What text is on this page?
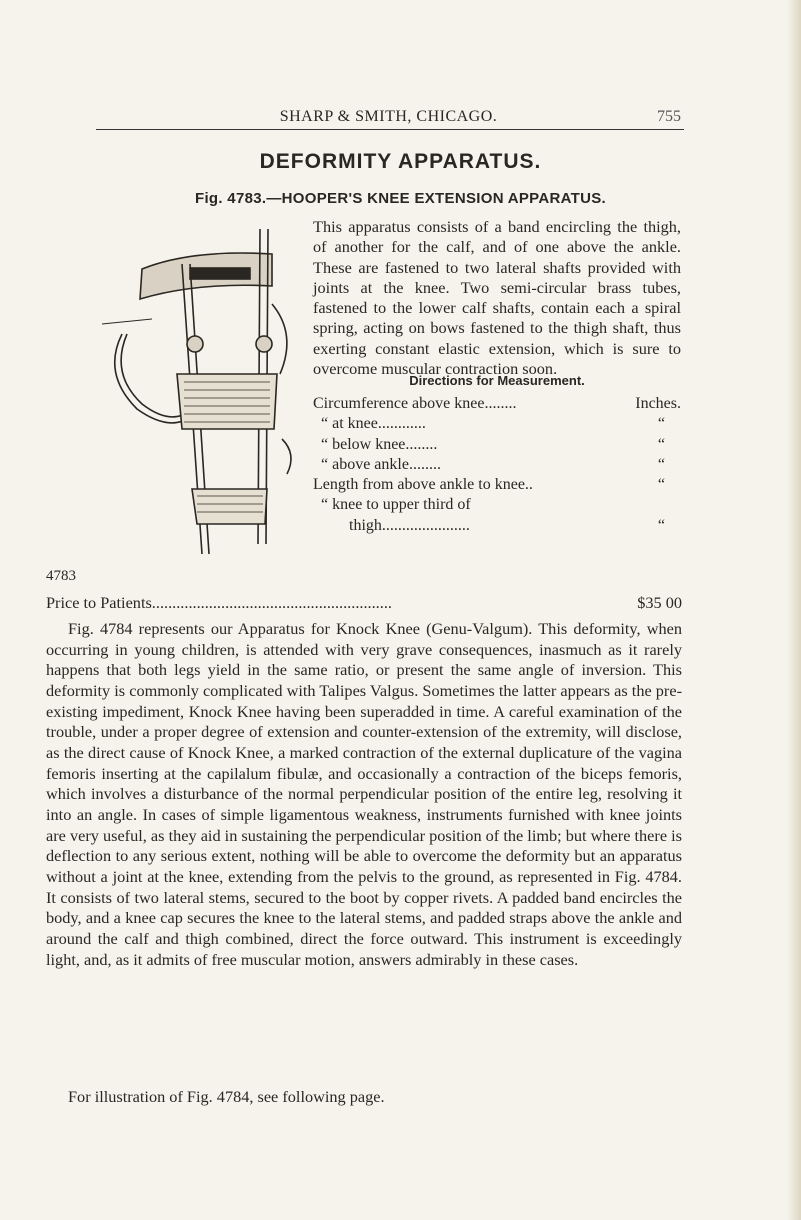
SHARP & SMITH, CHICAGO.	755
DEFORMITY APPARATUS.
Fig. 4783.—HOOPER'S KNEE EXTENSION APPARATUS.
4783

This apparatus consists of a band encircling the thigh, of another for the calf, and of one above the ankle. These are fastened to two lateral shafts provided with joints at the knee. Two semi-circular brass tubes, fastened to the lower calf shafts, contain each a spiral spring, acting on bows fastened to the thigh shaft, thus exerting constant elastic extension, which is sure to overcome muscular contraction soon.

Directions for Measurement.
Circumference above knee........	Inches.
“ at knee............	“
“ below knee........	“
“ above ankle........	“
Length from above ankle to knee..	“
“ knee to upper third of
thigh......................	“
Price to Patients...........................................................	$35 00

Fig. 4784 represents our Apparatus for Knock Knee (Genu-Valgum). This deformity, when occurring in young children, is attended with very grave consequences, inasmuch as it rarely happens that both legs yield in the same ratio, or present the same angle of inversion. This deformity is commonly complicated with Talipes Valgus. Sometimes the latter appears as the pre-existing impediment, Knock Knee having been superadded in time. A careful examination of the trouble, under a proper degree of extension and counter-extension of the extremity, will disclose, as the direct cause of Knock Knee, a marked contraction of the external duplicature of the vagina femoris inserting at the capilalum fibulæ, and occasionally a contraction of the biceps femoris, which involves a disturbance of the normal perpendicular position of the entire leg, resolving it into an angle. In cases of simple ligamentous weakness, instruments furnished with knee joints are very useful, as they aid in sustaining the perpendicular position of the limb; but where there is deflection to any serious extent, nothing will be able to overcome the deformity but an apparatus without a joint at the knee, extending from the pelvis to the ground, as represented in Fig. 4784. It consists of two lateral stems, secured to the boot by copper rivets. A padded band encircles the body, and a knee cap secures the knee to the lateral stems, and padded straps above the ankle and around the calf and thigh combined, direct the force outward. This instrument is exceedingly light, and, as it admits of free muscular motion, answers admirably in these cases.

For illustration of Fig. 4784, see following page.
